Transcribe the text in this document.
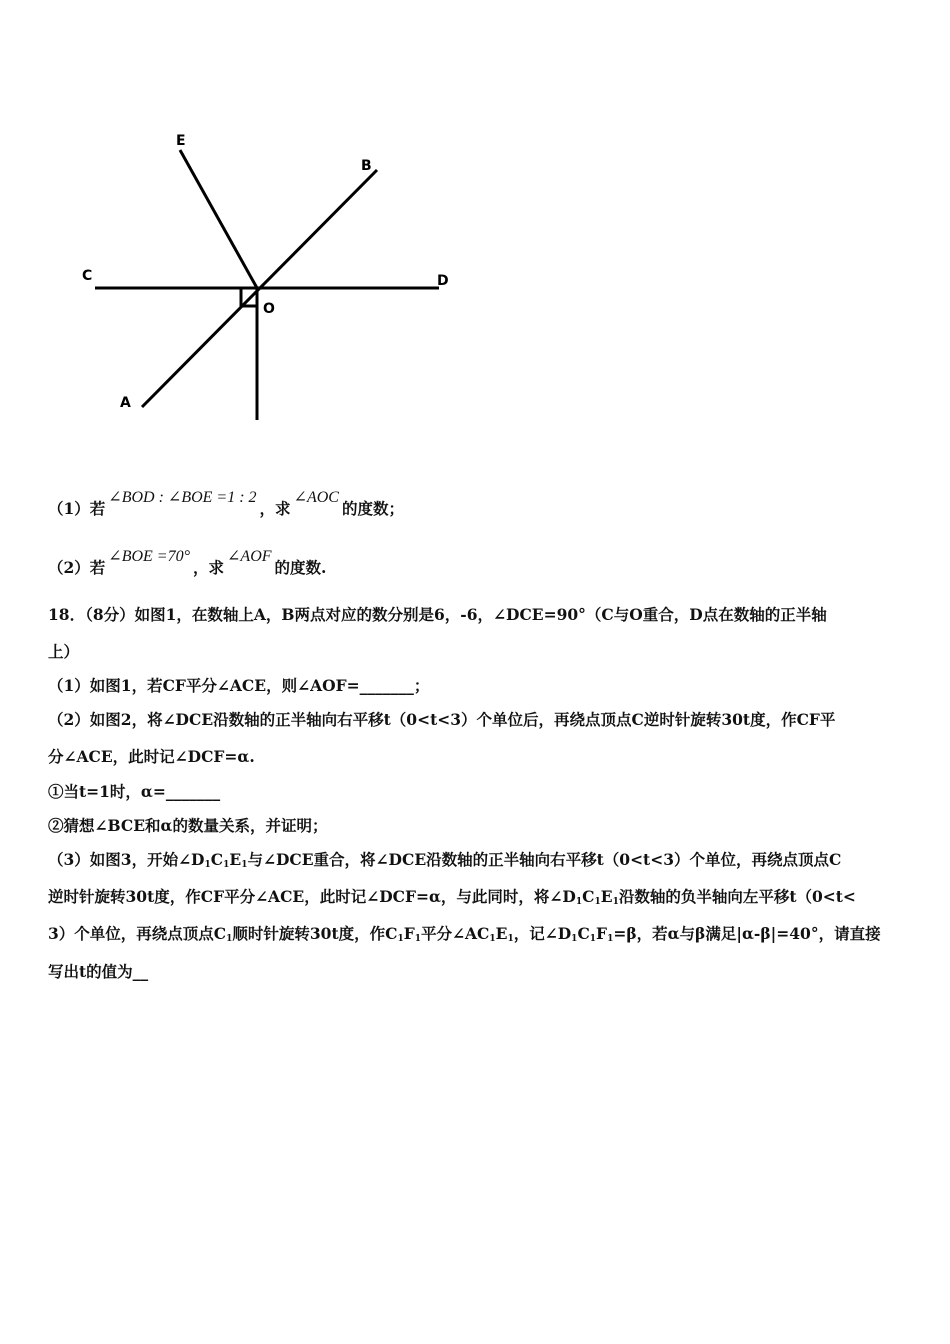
E
B
C	D
O
A
（1）若∠BOD : ∠BOE =1 : 2，求∠AOC的度数；
（2）若∠BOE =70°，求∠AOF的度数.
18．（8分）如图1，在数轴上A，B两点对应的数分别是6，-6，∠DCE=90°（C与O重合，D点在数轴的正半轴
上）
（1）如图1，若CF平分∠ACE，则∠AOF=_______；
（2）如图2，将∠DCE沿数轴的正半轴向右平移t（0<t<3）个单位后，再绕点顶点C逆时针旋转30t度，作CF平
分∠ACE，此时记∠DCF=α.
①当t=1时，α=_______
②猜想∠BCE和α的数量关系，并证明；
（3）如图3，开始$\angle D_1C_1E_1$与∠DCE重合，将∠DCE沿数轴的正半轴向右平移t（0<t<3）个单位，再绕点顶点C
逆时针旋转30t度，作CF平分∠ACE，此时记∠DCF=α，与此同时，将$\angle D_1C_1E_1$沿数轴的负半轴向左平移t（0<t<
3）个单位，再绕点顶点$C_1$顺时针旋转30t度，作$C_1F_1$平分$\angle AC_1E_1$，记$\angle D_1C_1F_1=\beta$，若α与β满足|α-β|=40°，请直接
写出t的值为__
